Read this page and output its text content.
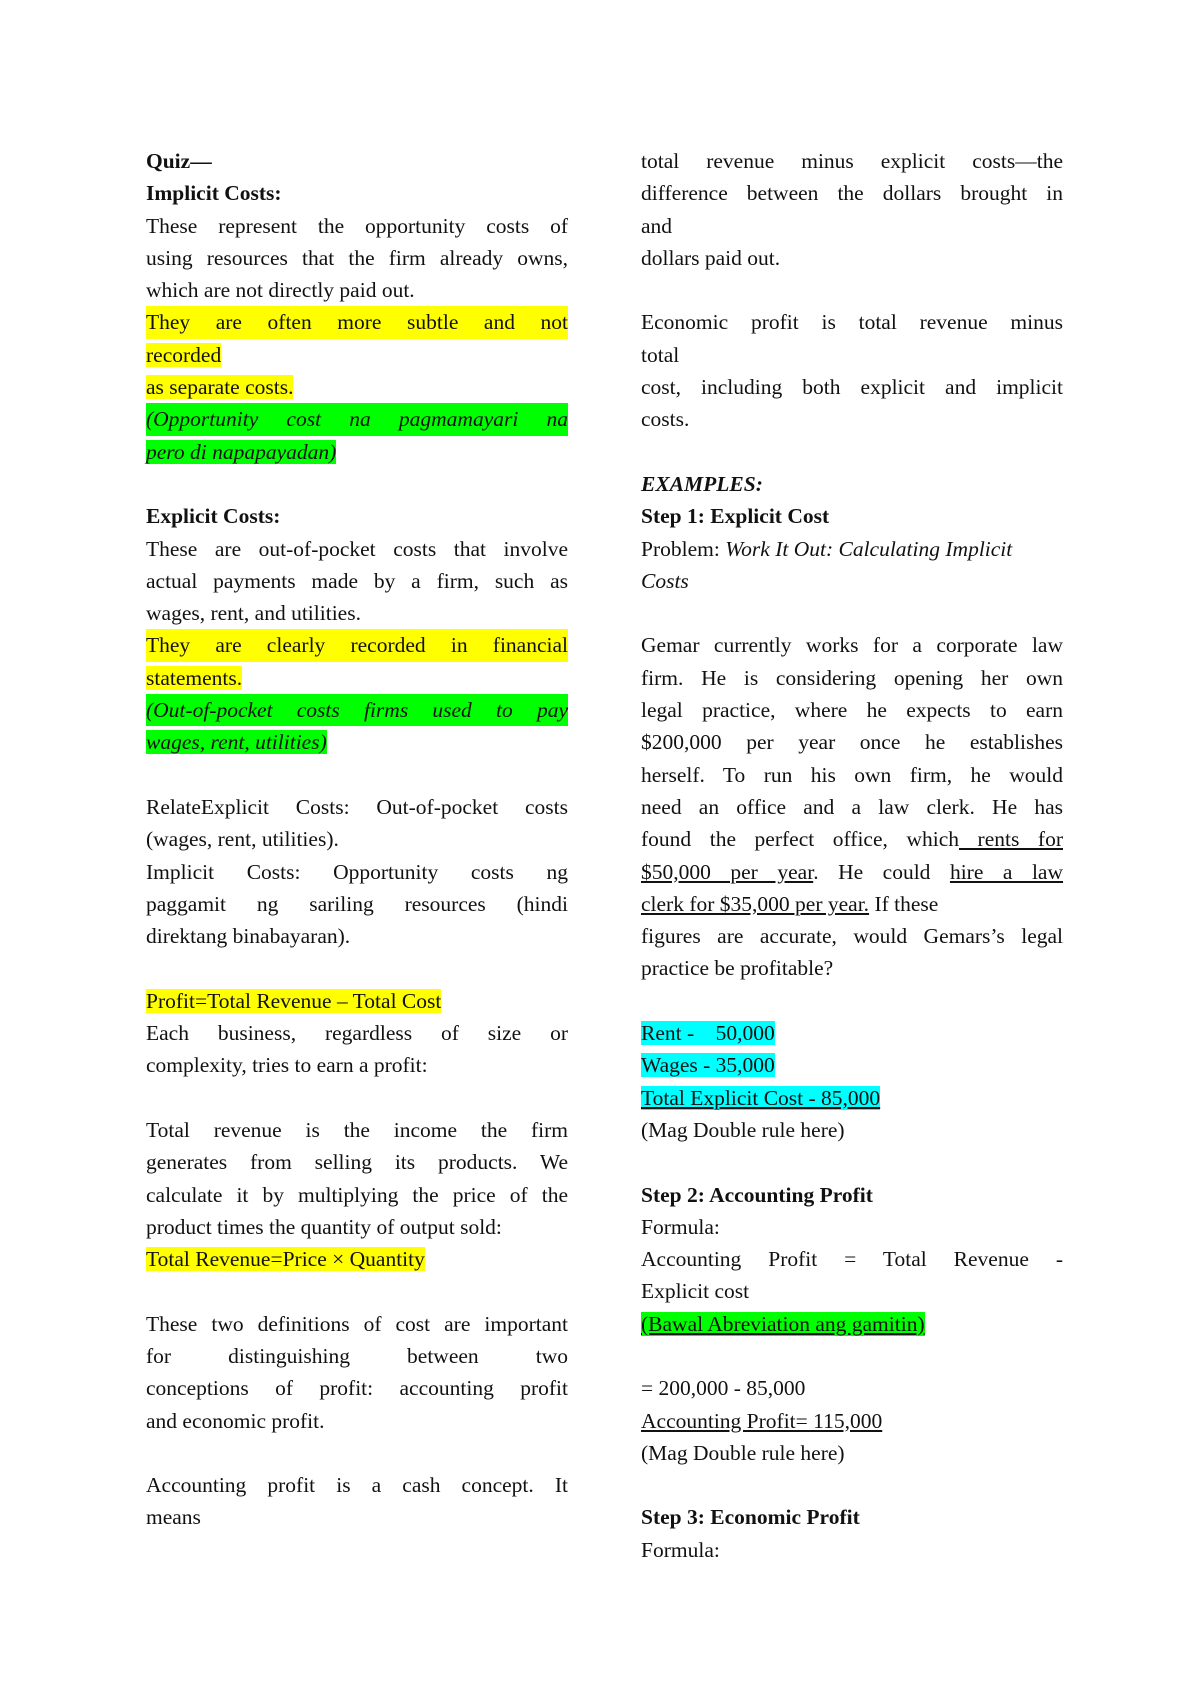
Quiz—
Implicit Costs:
These represent the opportunity costs of
using resources that the firm already owns,
which are not directly paid out.
They are often more subtle and not
recorded
as separate costs.
(Opportunity cost na pagmamayari na
pero di napapayadan)
Explicit Costs:
These are out-of-pocket costs that involve
actual payments made by a firm, such as
wages, rent, and utilities.
They are clearly recorded in financial
statements.
(Out-of-pocket costs firms used to pay
wages, rent, utilities)
RelateExplicit Costs: Out-of-pocket costs
(wages, rent, utilities).
Implicit Costs: Opportunity costs ng
paggamit ng sariling resources (hindi
direktang binabayaran).
Profit=Total Revenue – Total Cost
Each business, regardless of size or
complexity, tries to earn a profit:
Total revenue is the income the firm
generates from selling its products. We
calculate it by multiplying the price of the
product times the quantity of output sold:
Total Revenue=Price × Quantity
These two definitions of cost are important
for distinguishing between two
conceptions of profit: accounting profit
and economic profit.
Accounting profit is a cash concept. It
means
total revenue minus explicit costs—the
difference between the dollars brought in
and
dollars paid out.
Economic profit is total revenue minus
total
cost, including both explicit and implicit
costs.
EXAMPLES:
Step 1: Explicit Cost
Problem: Work It Out: Calculating Implicit
Costs
Gemar currently works for a corporate law
firm. He is considering opening her own
legal practice, where he expects to earn
$200,000 per year once he establishes
herself. To run his own firm, he would
need an office and a law clerk. He has
found the perfect office, which rents for
$50,000 per year. He could hire a law
clerk for $35,000 per year. If these
figures are accurate, would Gemars’s legal
practice be profitable?
Rent -    50,000
Wages - 35,000
Total Explicit Cost - 85,000
(Mag Double rule here)
Step 2: Accounting Profit
Formula:
Accounting Profit = Total Revenue -
Explicit cost
(Bawal Abreviation ang gamitin)
= 200,000 - 85,000
Accounting Profit= 115,000
(Mag Double rule here)
Step 3: Economic Profit
Formula:
